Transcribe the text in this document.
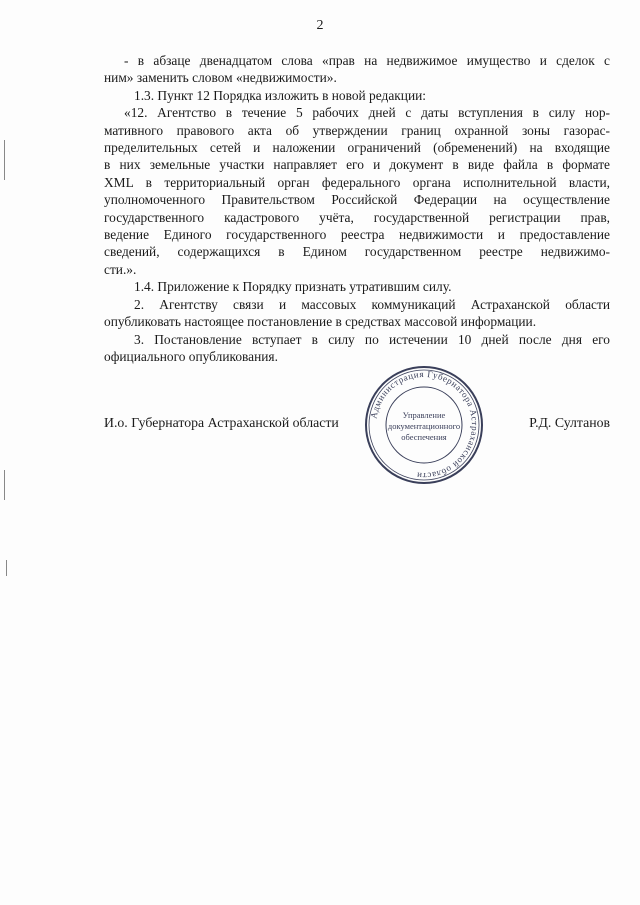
2

- в абзаце двенадцатом слова «прав на недвижимое имущество и сделок с
ним» заменить словом «недвижимости».

1.3. Пункт 12 Порядка изложить в новой редакции:

«12. Агентство в течение 5 рабочих дней с даты вступления в силу нор-
мативного правового акта об утверждении границ охранной зоны газорас-
пределительных сетей и наложении ограничений (обременений) на входящие
в них земельные участки направляет его и документ в виде файла в формате
XML в территориальный орган федерального органа исполнительной власти,
уполномоченного Правительством Российской Федерации на осуществление
государственного кадастрового учёта, государственной регистрации прав,
ведение Единого государственного реестра недвижимости и предоставление
сведений, содержащихся в Едином государственном реестре недвижимо-
сти.».

1.4. Приложение к Порядку признать утратившим силу.

2. Агентству связи и массовых коммуникаций Астраханской области
опубликовать настоящее постановление в средствах массовой информации.

3. Постановление вступает в силу по истечении 10 дней после дня его
официального опубликования.

И.о. Губернатора Астраханской области	Р.Д. Султанов
Администрация Губернатора Астраханской области
Управление
документационного
обеспечения
